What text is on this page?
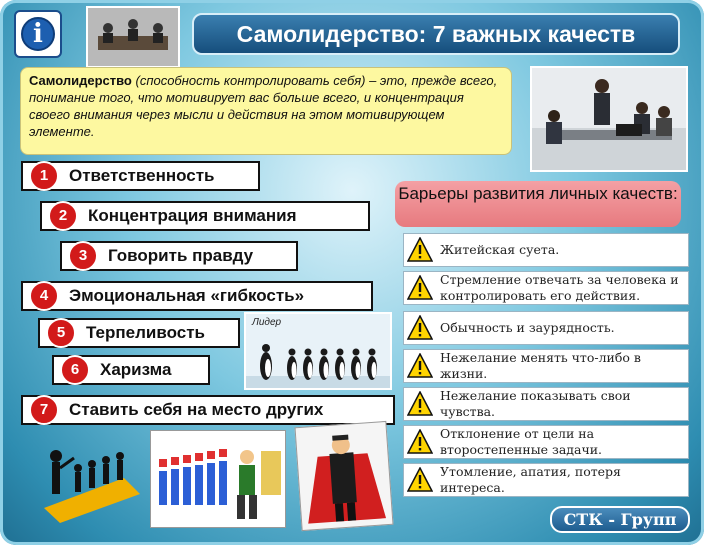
i	Самолидерство: 7 важных качеств
Самолидерство (способность контролировать себя) – это, прежде всего, понимание того, что мотивирует вас больше всего, и концентрация своего внимания через мысли и действия на этом мотивирующем элементе.
1	Ответственность
2	Концентрация внимания
3	Говорить правду
4	Эмоциональная «гибкость»
5	Терпеливость
6	Харизма
7	Ставить себя на место других
Лидер
Барьеры развития личных качеств:
Житейская суета.
Стремление отвечать за человека и контролировать его действия.
Обычность и заурядность.
Нежелание менять что-либо в жизни.
Нежелание показывать свои чувства.
Отклонение от цели на второстепенные задачи.
Утомление, апатия, потеря интереса.
СТК - Групп
